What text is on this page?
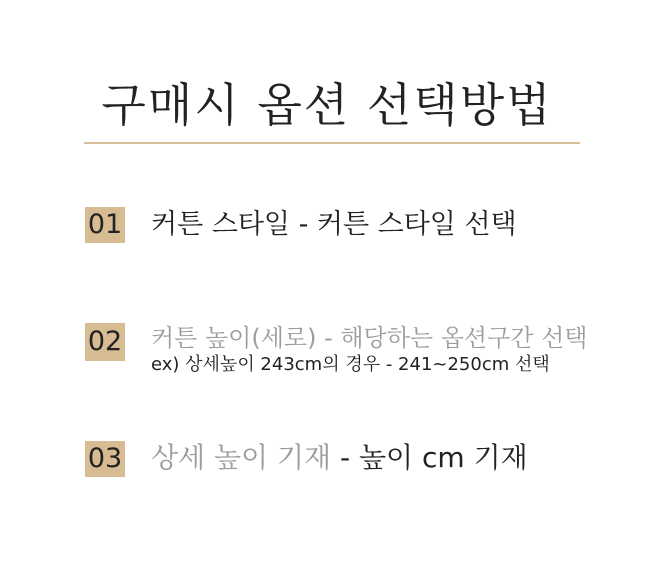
구매시 옵션 선택방법
01 커튼 스타일 - 커튼 스타일 선택
02 커튼 높이(세로) - 해당하는 옵션구간 선택
ex) 상세높이 243cm의 경우 - 241~250cm 선택
03 상세 높이 기재 - 높이 cm 기재
